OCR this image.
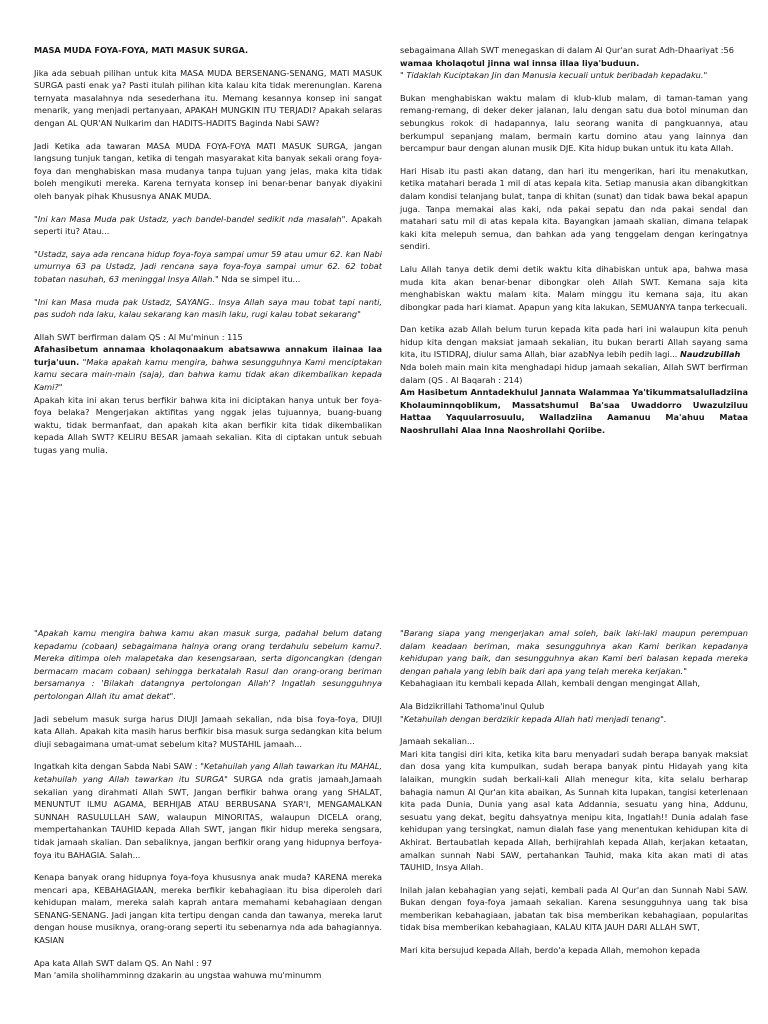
MASA MUDA FOYA-FOYA, MATI MASUK SURGA.

Jika ada sebuah pilihan untuk kita MASA MUDA BERSENANG-SENANG, MATI MASUK SURGA pasti enak ya? Pasti itulah pilihan kita kalau kita tidak merenunglan. Karena ternyata masalahnya nda sesederhana itu. Memang kesannya konsep ini sangat menarik, yang menjadi pertanyaan, APAKAH MUNGKIN ITU TERJADI? Apakah selaras dengan AL QUR'AN Nulkarim dan HADITS-HADITS Baginda Nabi SAW?

Jadi Ketika ada tawaran MASA MUDA FOYA-FOYA MATI MASUK SURGA, jangan langsung tunjuk tangan, ketika di tengah masyarakat kita banyak sekali orang foya-foya dan menghabiskan masa mudanya tanpa tujuan yang jelas, maka kita tidak boleh mengikuti mereka. Karena ternyata konsep ini benar-benar banyak diyakini oleh banyak pihak Khususnya ANAK MUDA.

"Ini kan Masa Muda pak Ustadz, yach bandel-bandel sedikit nda masalah". Apakah seperti itu? Atau...

"Ustadz, saya ada rencana hidup foya-foya sampai umur 59 atau umur 62. kan Nabi umurnya 63 pa Ustadz, Jadi rencana saya foya-foya sampai umur 62. 62 tobat tobatan nasuhah, 63 meninggal Insya Allah." Nda se simpel itu...

"Ini kan Masa muda pak Ustadz, SAYANG.. Insya Allah saya mau tobat tapi nanti, pas sudoh nda laku, kalau sekarang kan masih laku, rugi kalau tobat sekarang"

Allah SWT berfirman dalam QS : Al Mu'minun : 115

Afahasibetum annamaa kholaqonaakum abatsawwa annakum ilainaa laa turja'uun. "Maka apakah kamu mengira, bahwa sesungguhnya Kami menciptakan kamu secara main-main (saja), dan bahwa kamu tidak akan dikembalikan kepada Kami?"

Apakah kita ini akan terus berfikir bahwa kita ini diciptakan hanya untuk ber foya-foya belaka? Mengerjakan aktifitas yang nggak jelas tujuannya, buang-buang waktu, tidak bermanfaat, dan apakah kita akan berfikir kita tidak dikembalikan kepada Allah SWT? KELIRU BESAR jamaah sekalian. Kita di ciptakan untuk sebuah tugas yang mulia.

sebagaimana Allah SWT menegaskan di dalam Al Qur'an surat Adh-Dhaariyat :56

wamaa kholaqotul jinna wal innsa illaa liya'buduun.

" Tidaklah Kuciptakan Jin dan Manusia kecuali untuk beribadah kepadaku."

Bukan menghabiskan waktu malam di klub-klub malam, di taman-taman yang remang-remang, di deker deker jalanan, lalu dengan satu dua botol minuman dan sebungkus rokok di hadapannya, lalu seorang wanita di pangkuannya, atau berkumpul sepanjang malam, bermain kartu domino atau yang lainnya dan bercampur baur dengan alunan musik DJE. Kita hidup bukan untuk itu kata Allah.

Hari Hisab itu pasti akan datang, dan hari itu mengerikan, hari itu menakutkan, ketika matahari berada 1 mil di atas kepala kita. Setiap manusia akan dibangkitkan dalam kondisi telanjang bulat, tanpa di khitan (sunat) dan tidak bawa bekal apapun juga. Tanpa memakai alas kaki, nda pakai sepatu dan nda pakai sendal dan matahari satu mil di atas kepala kita. Bayangkan jamaah skalian, dimana telapak kaki kita melepuh semua, dan bahkan ada yang tenggelam dengan keringatnya sendiri.

Lalu Allah tanya detik demi detik waktu kita dihabiskan untuk apa, bahwa masa muda kita akan benar-benar dibongkar oleh Allah SWT. Kemana saja kita menghabiskan waktu malam kita. Malam minggu itu kemana saja, itu akan dibongkar pada hari kiamat. Apapun yang kita lakukan, SEMUANYA tanpa terkecuali.

Dan ketika azab Allah belum turun kepada kita pada hari ini walaupun kita penuh hidup kita dengan maksiat jamaah sekalian, itu bukan berarti Allah sayang sama kita, itu ISTIDRAJ, diulur sama Allah, biar azabNya lebih pedih lagi... Naudzubillah

Nda boleh main main kita menghadapi hidup jamaah sekalian, Allah SWT berfirman dalam (QS . Al Baqarah : 214)

Am Hasibetum Anntadekhulul Jannata Walammaa Ya'tikummatsalulladziina Kholauminnqoblikum, Massatshumul Ba'saa Uwaddorro Uwazulziluu Hattaa Yaquularrosuulu, Walladziina Aamanuu Ma'ahuu Mataa Naoshrullahi Alaa Inna Naoshrollahi Qoriibe.

"Apakah kamu mengira bahwa kamu akan masuk surga, padahal belum datang kepadamu (cobaan) sebagaimana halnya orang orang terdahulu sebelum kamu?. Mereka ditimpa oleh malapetaka dan kesengsaraan, serta digoncangkan (dengan bermacam macam cobaan) sehingga berkatalah Rasul dan orang-orang beriman bersamanya : 'Bilakah datangnya pertolongan Allah'? Ingatlah sesungguhnya pertolongan Allah itu amat dekat".

Jadi sebelum masuk surga harus DIUJI Jamaah sekalian, nda bisa foya-foya, DIUJI kata Allah. Apakah kita masih harus berfikir bisa masuk surga sedangkan kita belum diuji sebagaimana umat-umat sebelum kita? MUSTAHIL jamaah...

Ingatkah kita dengan Sabda Nabi SAW : "Ketahuilah yang Allah tawarkan itu MAHAL, ketahuilah yang Allah tawarkan itu SURGA" SURGA nda gratis jamaah,Jamaah sekalian yang dirahmati Allah SWT, Jangan berfikir bahwa orang yang SHALAT, MENUNTUT ILMU AGAMA, BERHIJAB ATAU BERBUSANA SYAR'I, MENGAMALKAN SUNNAH RASULULLAH SAW, walaupun MINORITAS, walaupun DICELA orang, mempertahankan TAUHID kepada Allah SWT, jangan fikir hidup mereka sengsara, tidak jamaah skalian. Dan sebaliknya, jangan berfikir orang yang hidupnya berfoya-foya itu BAHAGIA. Salah...

Kenapa banyak orang hidupnya foya-foya khususnya anak muda? KARENA mereka mencari apa, KEBAHAGIAAN, mereka berfikir kebahagiaan itu bisa diperoleh dari kehidupan malam, mereka salah kaprah antara memahami kebahagiaan dengan SENANG-SENANG. Jadi jangan kita tertipu dengan canda dan tawanya, mereka larut dengan house musiknya, orang-orang seperti itu sebenarnya nda ada bahagiannya. KASIAN

Apa kata Allah SWT dalam QS. An Nahl : 97

Man 'amila sholihamminng dzakarin au ungstaa wahuwa mu'minumm

"Barang siapa yang mengerjakan amal soleh, baik laki-laki maupun perempuan dalam keadaan beriman, maka sesungguhnya akan Kami berikan kepadanya kehidupan yang baik, dan sesungguhnya akan Kami beri balasan kepada mereka dengan pahala yang lebih baik dari apa yang telah mereka kerjakan."

Kebahagiaan itu kembali kepada Allah, kembali dengan mengingat Allah,

Ala Bidzikrillahi Tathoma'inul Qulub

"Ketahuilah dengan berdzikir kepada Allah hati menjadi tenang".

Jamaah sekalian...

Mari kita tangisi diri kita, ketika kita baru menyadari sudah berapa banyak maksiat dan dosa yang kita kumpulkan, sudah berapa banyak pintu Hidayah yang kita lalaikan, mungkin sudah berkali-kali Allah menegur kita, kita selalu berharap bahagia namun Al Qur'an kita abaikan, As Sunnah kita lupakan, tangisi keterlenaan kita pada Dunia, Dunia yang asal kata Addannia, sesuatu yang hina, Addunu, sesuatu yang dekat, begitu dahsyatnya menipu kita, Ingatlah!! Dunia adalah fase kehidupan yang tersingkat, namun dialah fase yang menentukan kehidupan kita di Akhirat. Bertaubatlah kepada Allah, berhijrahlah kepada Allah, kerjakan ketaatan, amalkan sunnah Nabi SAW, pertahankan Tauhid, maka kita akan mati di atas TAUHID, Insya Allah.

Inilah jalan kebahagian yang sejati, kembali pada Al Qur'an dan Sunnah Nabi SAW. Bukan dengan foya-foya jamaah sekalian. Karena sesungguhnya uang tak bisa memberikan kebahagiaan, jabatan tak bisa memberikan kebahagiaan, popularitas tidak bisa memberikan kebahagiaan, KALAU KITA JAUH DARI ALLAH SWT,

Mari kita bersujud kepada Allah, berdo'a kepada Allah, memohon kepada
